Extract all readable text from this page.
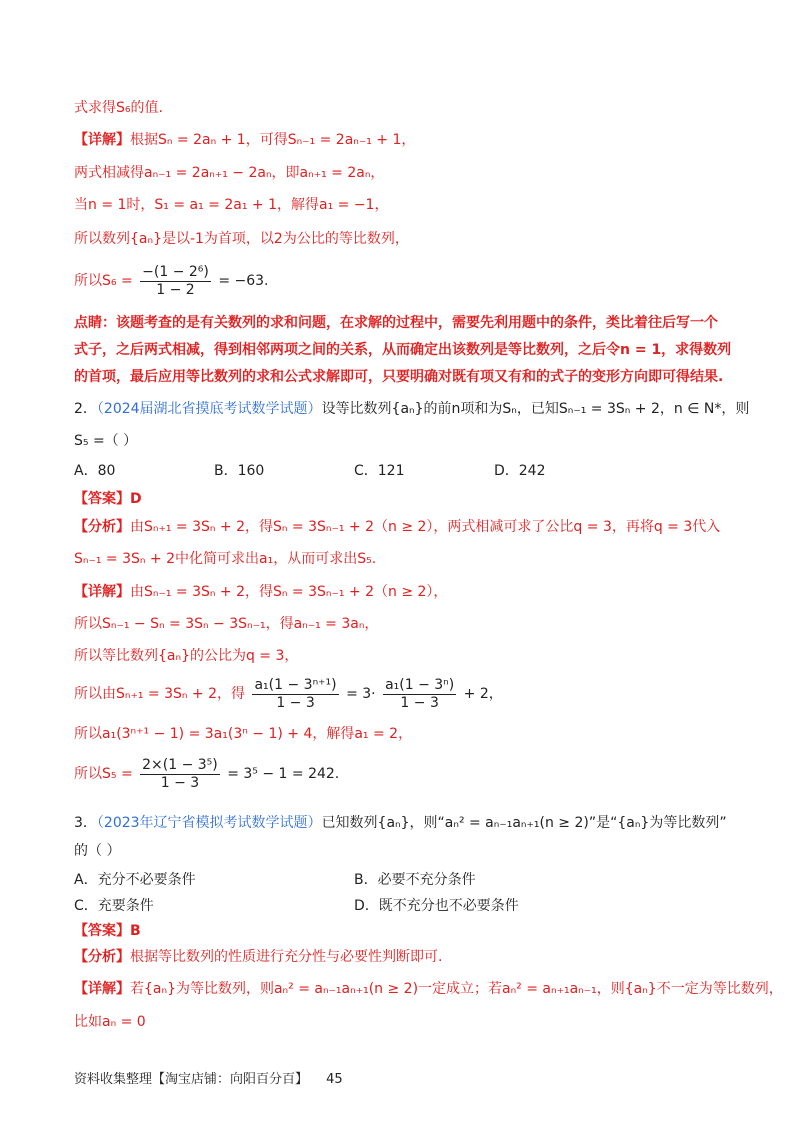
式求得S₆的值.
【详解】根据Sₙ = 2aₙ + 1，可得Sₙ₋₁ = 2aₙ₋₁ + 1，
两式相减得aₙ₋₁ = 2aₙ₊₁ − 2aₙ，即aₙ₊₁ = 2aₙ，
当n = 1时，S₁ = a₁ = 2a₁ + 1，解得a₁ = −1，
所以数列{aₙ}是以-1为首项，以2为公比的等比数列，
所以$S_6 = \frac{\text{−(1 − 2⁶)}}{1 - 2} = -63$.
点睛：该题考查的是有关数列的求和问题，在求解的过程中，需要先利用题中的条件，类比着往后写一个
式子，之后两式相减，得到相邻两项之间的关系，从而确定出该数列是等比数列，之后令n = 1，求得数列
的首项，最后应用等比数列的求和公式求解即可，只要明确对既有项又有和的式子的变形方向即可得结果.
2．（2024届湖北省摸底考试数学试题）设等比数列{aₙ}的前n项和为Sₙ，已知Sₙ₋₁ = 3Sₙ + 2，n ∈ N*，则
S₅ =（ ）
A．80	B．160	C．121	D．242
【答案】D
【分析】由Sₙ₊₁ = 3Sₙ + 2，得Sₙ = 3Sₙ₋₁ + 2（n ≥ 2），两式相减可求了公比q = 3，再将q = 3代入
Sₙ₋₁ = 3Sₙ + 2中化简可求出a₁，从而可求出S₅.
【详解】由Sₙ₋₁ = 3Sₙ + 2，得Sₙ = 3Sₙ₋₁ + 2（n ≥ 2），
所以Sₙ₋₁ − Sₙ = 3Sₙ − 3Sₙ₋₁，得aₙ₋₁ = 3aₙ，
所以等比数列{aₙ}的公比为q = 3，
所以由Sₙ₊₁ = 3Sₙ + 2，得 $\frac{\text{a₁(1 − 3ⁿ⁺¹)}}{1 - 3} = 3\cdot \frac{\text{a₁(1 − 3ⁿ)}}{1 - 3} + 2$，
所以a₁(3ⁿ⁺¹ − 1) = 3a₁(3ⁿ − 1) + 4，解得a₁ = 2，
所以$S_5 = \frac{\text{2×(1 − 3⁵)}}{1 - 3} = 3^5 - 1 = 242$.
3．（2023年辽宁省模拟考试数学试题）已知数列{aₙ}，则“aₙ² = aₙ₋₁aₙ₊₁(n ≥ 2)”是“{aₙ}为等比数列”
的（ ）
A．充分不必要条件	B．必要不充分条件
C．充要条件	D．既不充分也不必要条件
【答案】B
【分析】根据等比数列的性质进行充分性与必要性判断即可.
【详解】若{aₙ}为等比数列，则aₙ² = aₙ₋₁aₙ₊₁(n ≥ 2)一定成立；若aₙ² = aₙ₊₁aₙ₋₁，则{aₙ}不一定为等比数列，
比如aₙ = 0
资料收集整理【淘宝店铺：向阳百分百】 45
